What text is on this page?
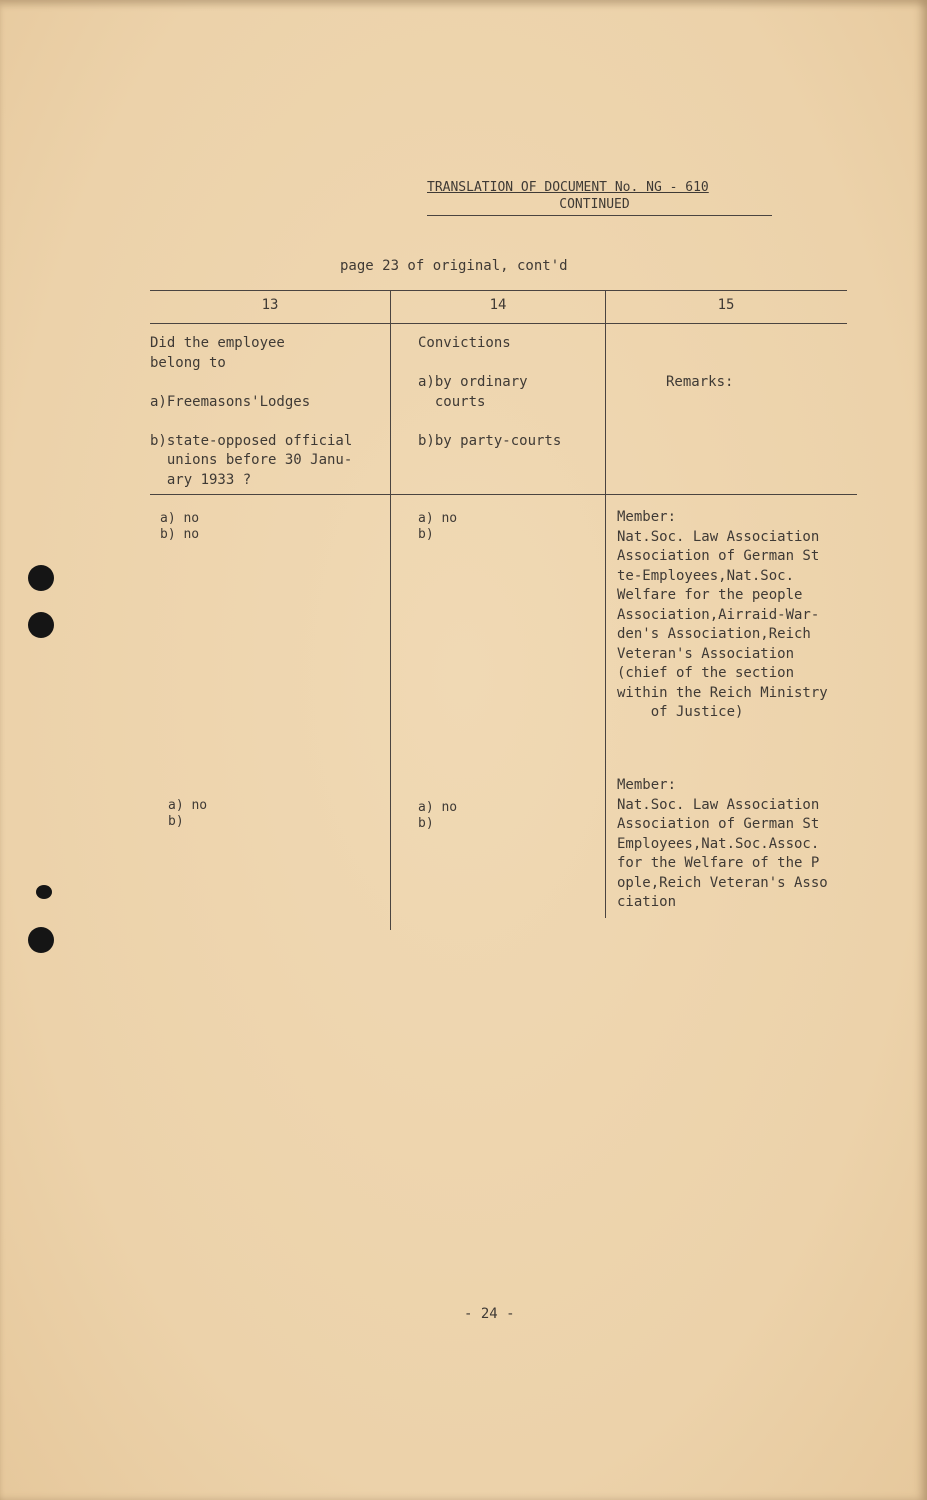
TRANSLATION OF DOCUMENT No. NG - 610
CONTINUED
page 23 of original, cont'd
13	14	15
Did the employee
belong to

a)Freemasons'Lodges

b)state-opposed official
unions before 30 Janu-
ary 1933 ?
Convictions

a)by ordinary
courts

b)by party-courts
Remarks:
a) no
b) no
a) no
b)
Member:
Nat.Soc. Law Association
Association of German St
te-Employees,Nat.Soc.
Welfare for the people
Association,Airraid-War-
den's Association,Reich
Veteran's Association
(chief of the section
within the Reich Ministry
of Justice)
a) no
b)
a) no
b)
Member:
Nat.Soc. Law Association
Association of German St
Employees,Nat.Soc.Assoc.
for the Welfare of the P
ople,Reich Veteran's Asso
ciation
- 24 -
